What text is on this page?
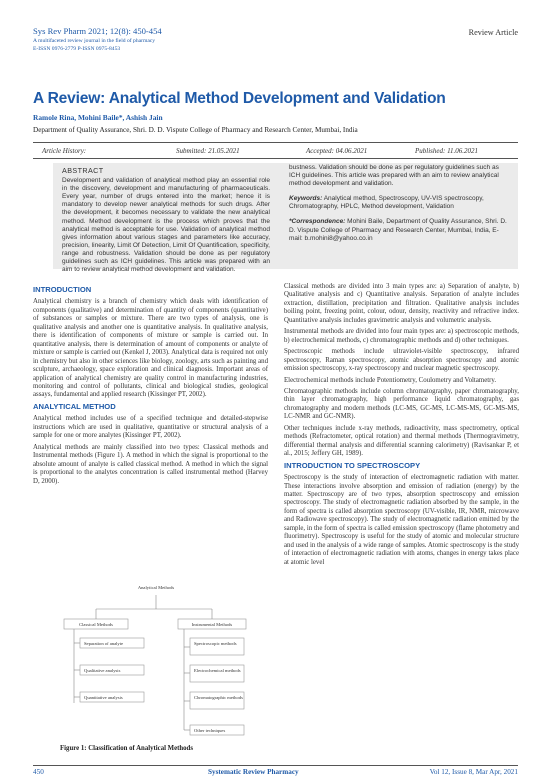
Sys Rev Pharm 2021; 12(8): 450-454
A multifaceted review journal in the field of pharmacy
E-ISSN 0976-2779 P-ISSN 0975-8453
Review Article
A Review: Analytical Method Development and Validation
Ramole Rina, Mohini Baile*, Ashish Jain
Department of Quality Assurance, Shri. D. D. Vispute College of Pharmacy and Research Center, Mumbai, India
Article History:	Submitted: 21.05.2021	Accepted: 04.06.2021	Published: 11.06.2021
ABSTRACT
Development and validation of analytical method play an essential role in the discovery, development and manufacturing of pharmaceuticals. Every year, number of drugs entered into the market; hence it is mandatory to develop newer analytical methods for such drugs. After the development, it becomes necessary to validate the new analytical method. Method development is the process which proves that the analytical method is acceptable for use. Validation of analytical method gives information about various stages and parameters like accuracy, precision, linearity, Limit Of Detection, Limit Of Quantification, specificity, range and robustness. Validation should be done as per regulatory guidelines such as ICH guidelines. This article was prepared with an aim to review analytical method development and validation.
bustness. Validation should be done as per regulatory guidelines such as ICH guidelines. This article was prepared with an aim to review analytical method development and validation.
Keywords: Analytical method, Spectroscopy, UV-VIS spectroscopy, Chromatography, HPLC, Method development, Validation
*Correspondence: Mohini Baile, Department of Quality Assurance, Shri. D. D. Vispute College of Pharmacy and Research Center, Mumbai, India, E-mail: b.mohini8@yahoo.co.in
INTRODUCTION

Analytical chemistry is a branch of chemistry which deals with identification of components (qualitative) and determination of quantity of components (quantitative) of substances or samples or mixture. There are two types of analysis, one is qualitative analysis and another one is quantitative analysis. In qualitative analysis, there is identification of components of mixture or sample is carried out. In quantitative analysis, there is determination of amount of components or analyte of mixture or sample is carried out (Kenkel J, 2003). Analytical data is required not only in chemistry but also in other sciences like biology, zoology, arts such as painting and sculpture, archaeology, space exploration and clinical diagnosis. Important areas of application of analytical chemistry are quality control in manufacturing industries, monitoring and control of pollutants, clinical and biological studies, geological assays, fundamental and applied research (Kissinger PT, 2002).

ANALYTICAL METHOD

Analytical method includes use of a specified technique and detailed-stepwise instructions which are used in qualitative, quantitative or structural analysis of a sample for one or more analytes (Kissinger PT, 2002).

Analytical methods are mainly classified into two types: Classical methods and Instrumental methods (Figure 1). A method in which the signal is proportional to the absolute amount of analyte is called classical method. A method in which the signal is proportional to the analytes concentration is called instrumental method (Harvey D, 2000).

Analytical Methods
Classical Methods	Instrumental Methods
Separation of analyte
Qualitative analysis
Quantitative analysis
Spectroscopic methods
Electrochemical methods
Chromatographic methods
Other techniques
Figure 1: Classification of Analytical Methods

Classical methods are divided into 3 main types are: a) Separation of analyte, b) Qualitative analysis and c) Quantitative analysis. Separation of analyte includes extraction, distillation, precipitation and filtration. Qualitative analysis includes boiling point, freezing point, colour, odour, density, reactivity and refractive index. Quantitative analysis includes gravimetric analysis and volumetric analysis.

Instrumental methods are divided into four main types are: a) spectroscopic methods, b) electrochemical methods, c) chromatographic methods and d) other techniques.

Spectroscopic methods include ultraviolet-visible spectroscopy, infrared spectroscopy, Raman spectroscopy, atomic absorption spectroscopy and atomic emission spectroscopy, x-ray spectroscopy and nuclear magnetic spectroscopy.

Electrochemical methods include Potentiometry, Coulometry and Voltametry.

Chromatographic methods include column chromatography, paper chromatography, thin layer chromatography, high performance liquid chromatography, gas chromatography and modern methods (LC-MS, GC-MS, LC-MS-MS, GC-MS-MS, LC-NMR and GC-NMR).

Other techniques include x-ray methods, radioactivity, mass spectrometry, optical methods (Refractometer, optical rotation) and thermal methods (Thermogravimetry, differential thermal analysis and differential scanning calorimetry) (Ravisankar P, et al., 2015; Jeffery GH, 1989).

INTRODUCTION TO SPECTROSCOPY

Spectroscopy is the study of interaction of electromagnetic radiation with matter. These interactions involve absorption and emission of radiation (energy) by the matter. Spectroscopy are of two types, absorption spectroscopy and emission spectroscopy. The study of electromagnetic radiation absorbed by the sample, in the form of spectra is called absorption spectroscopy (UV-visible, IR, NMR, microwave and Radiowave spectroscopy). The study of electromagnetic radiation emitted by the sample, in the form of spectra is called emission spectroscopy (flame photometry and fluorimetry). Spectroscopy is useful for the study of atomic and molecular structure and used in the analysis of a wide range of samples. Atomic spectroscopy is the study of interaction of electromagnetic radiation with atoms, changes in energy takes place at atomic level

450	Systematic Review Pharmacy	Vol 12, Issue 8, Mar Apr, 2021
